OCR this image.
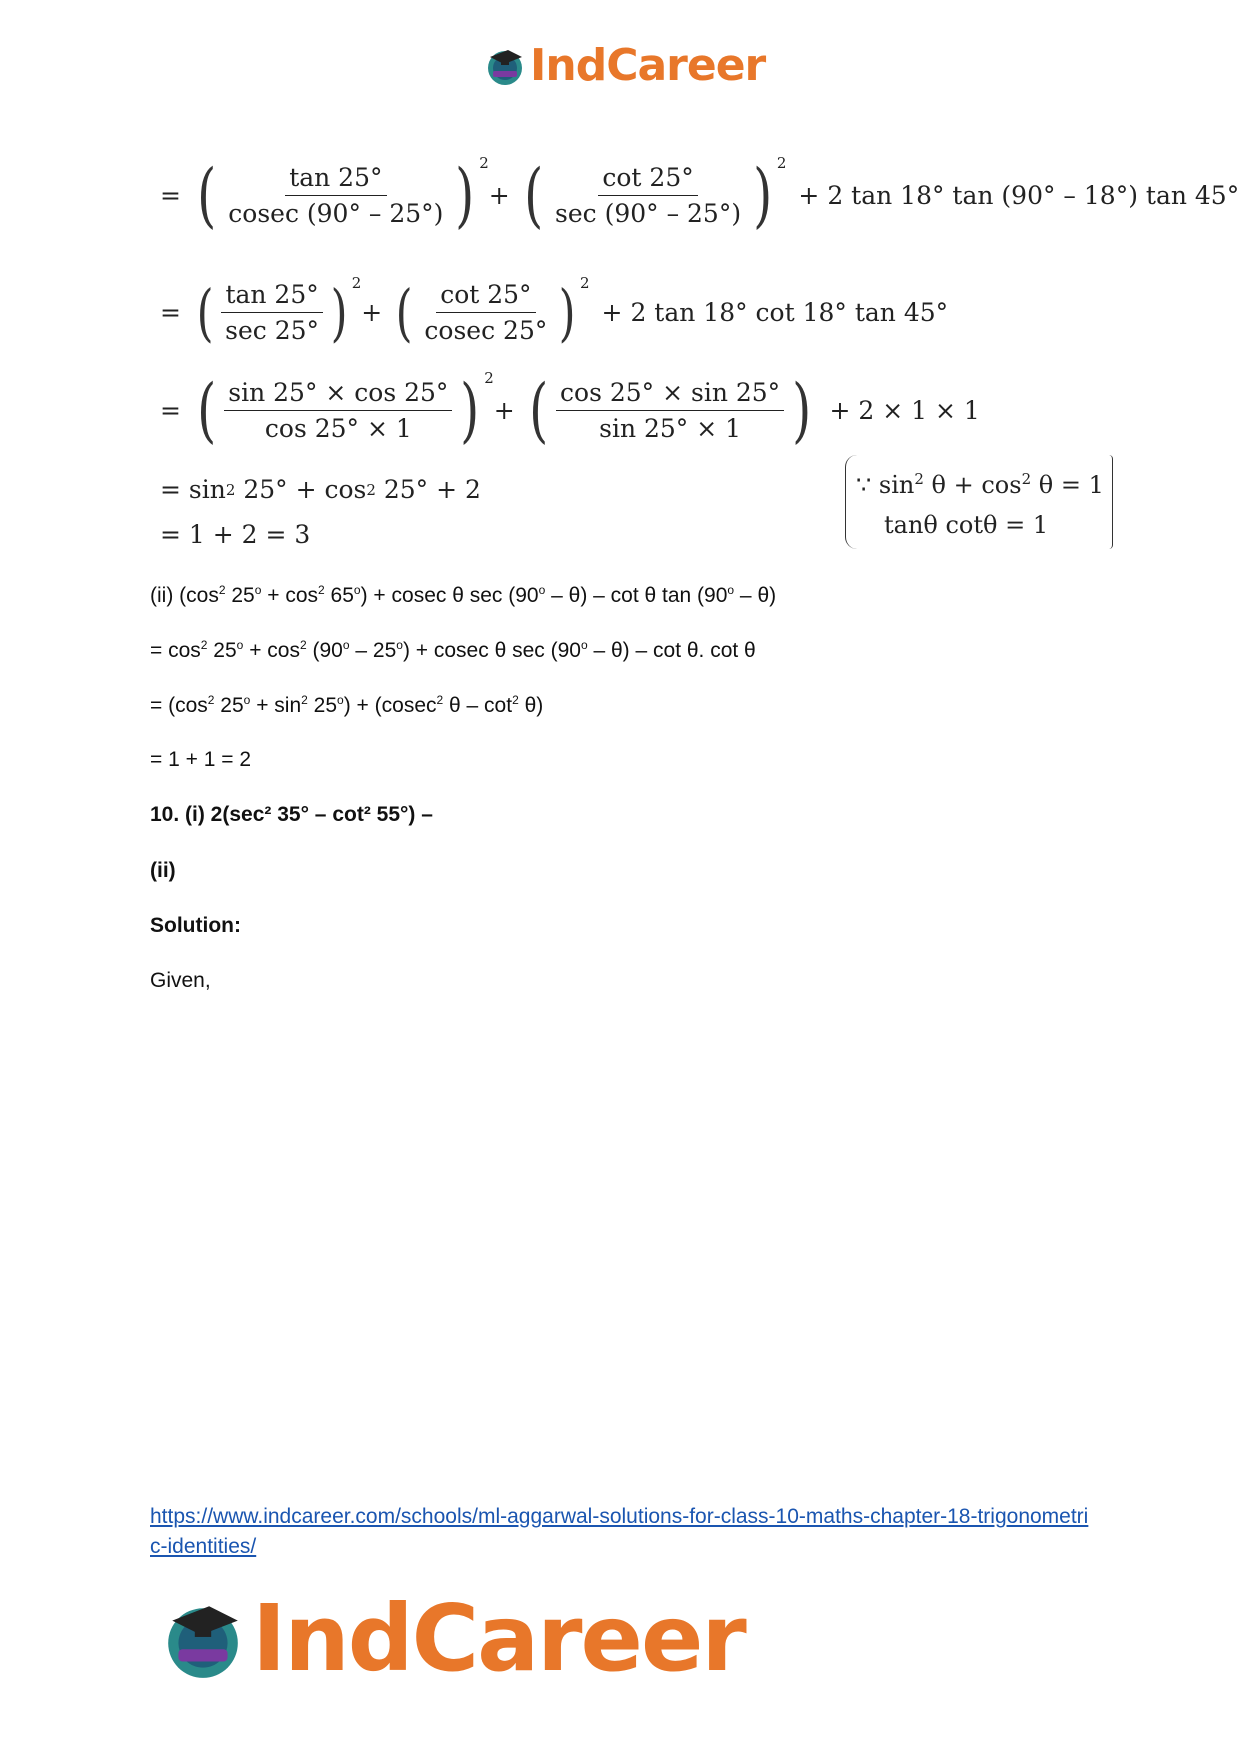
IndCareer
= ( $\frac{\tan 25^\circ}{cosec (90^\circ - 25^\circ)}$ ) $^2$
+ ( $\frac{\cot 25^\circ}{\sec (90^\circ - 25^\circ)}$ ) $^2$
+ 2 tan 18° tan (90° – 18°) tan 45°
= ( $\frac{\tan 25^\circ}{\sec 25^\circ}$ ) $^2$
+ ( $\frac{\cot 25^\circ}{cosec 25^\circ}$ ) $^2$
+ 2 tan 18° cot 18° tan 45°
= ( $\frac{\sin 25^\circ \times \cos 25^\circ}{\cos 25^\circ \times 1}$ ) $^2$
+ ( $\frac{\cos 25^\circ \times \sin 25^\circ}{\sin 25^\circ \times 1}$ ) + 2 × 1 × 1
= sin 2
25° + cos 2
25° + 2
= 1 + 2 = 3
∵ $\sin^2 \theta + \cos^2 \theta = 1$
tanθ cotθ = 1
(ii) ($\cos^2$ $25^o + \cos^2 65^o) + cosec$ θ sec (90$^o$ – θ) – cot θ tan (90$^o$ – θ)
= $\cos^2 25^o + \cos^2 (90^o - 25^o) + cosec$ θ sec (90$^o$ – θ) – cot θ. cot θ
= ($\cos^2$ $25^o + \sin^2 25^o) + (cosec^2$ θ – $\cot^2 \theta$)
= 1 + 1 = 2
10. (i) 2(sec² 35° – cot² 55°) –
(ii)
Solution:
Given,
https://www.indcareer.com/schools/ml-aggarwal-solutions-for-class-10-maths-chapter-18-trigonometric-identities/
IndCareer
